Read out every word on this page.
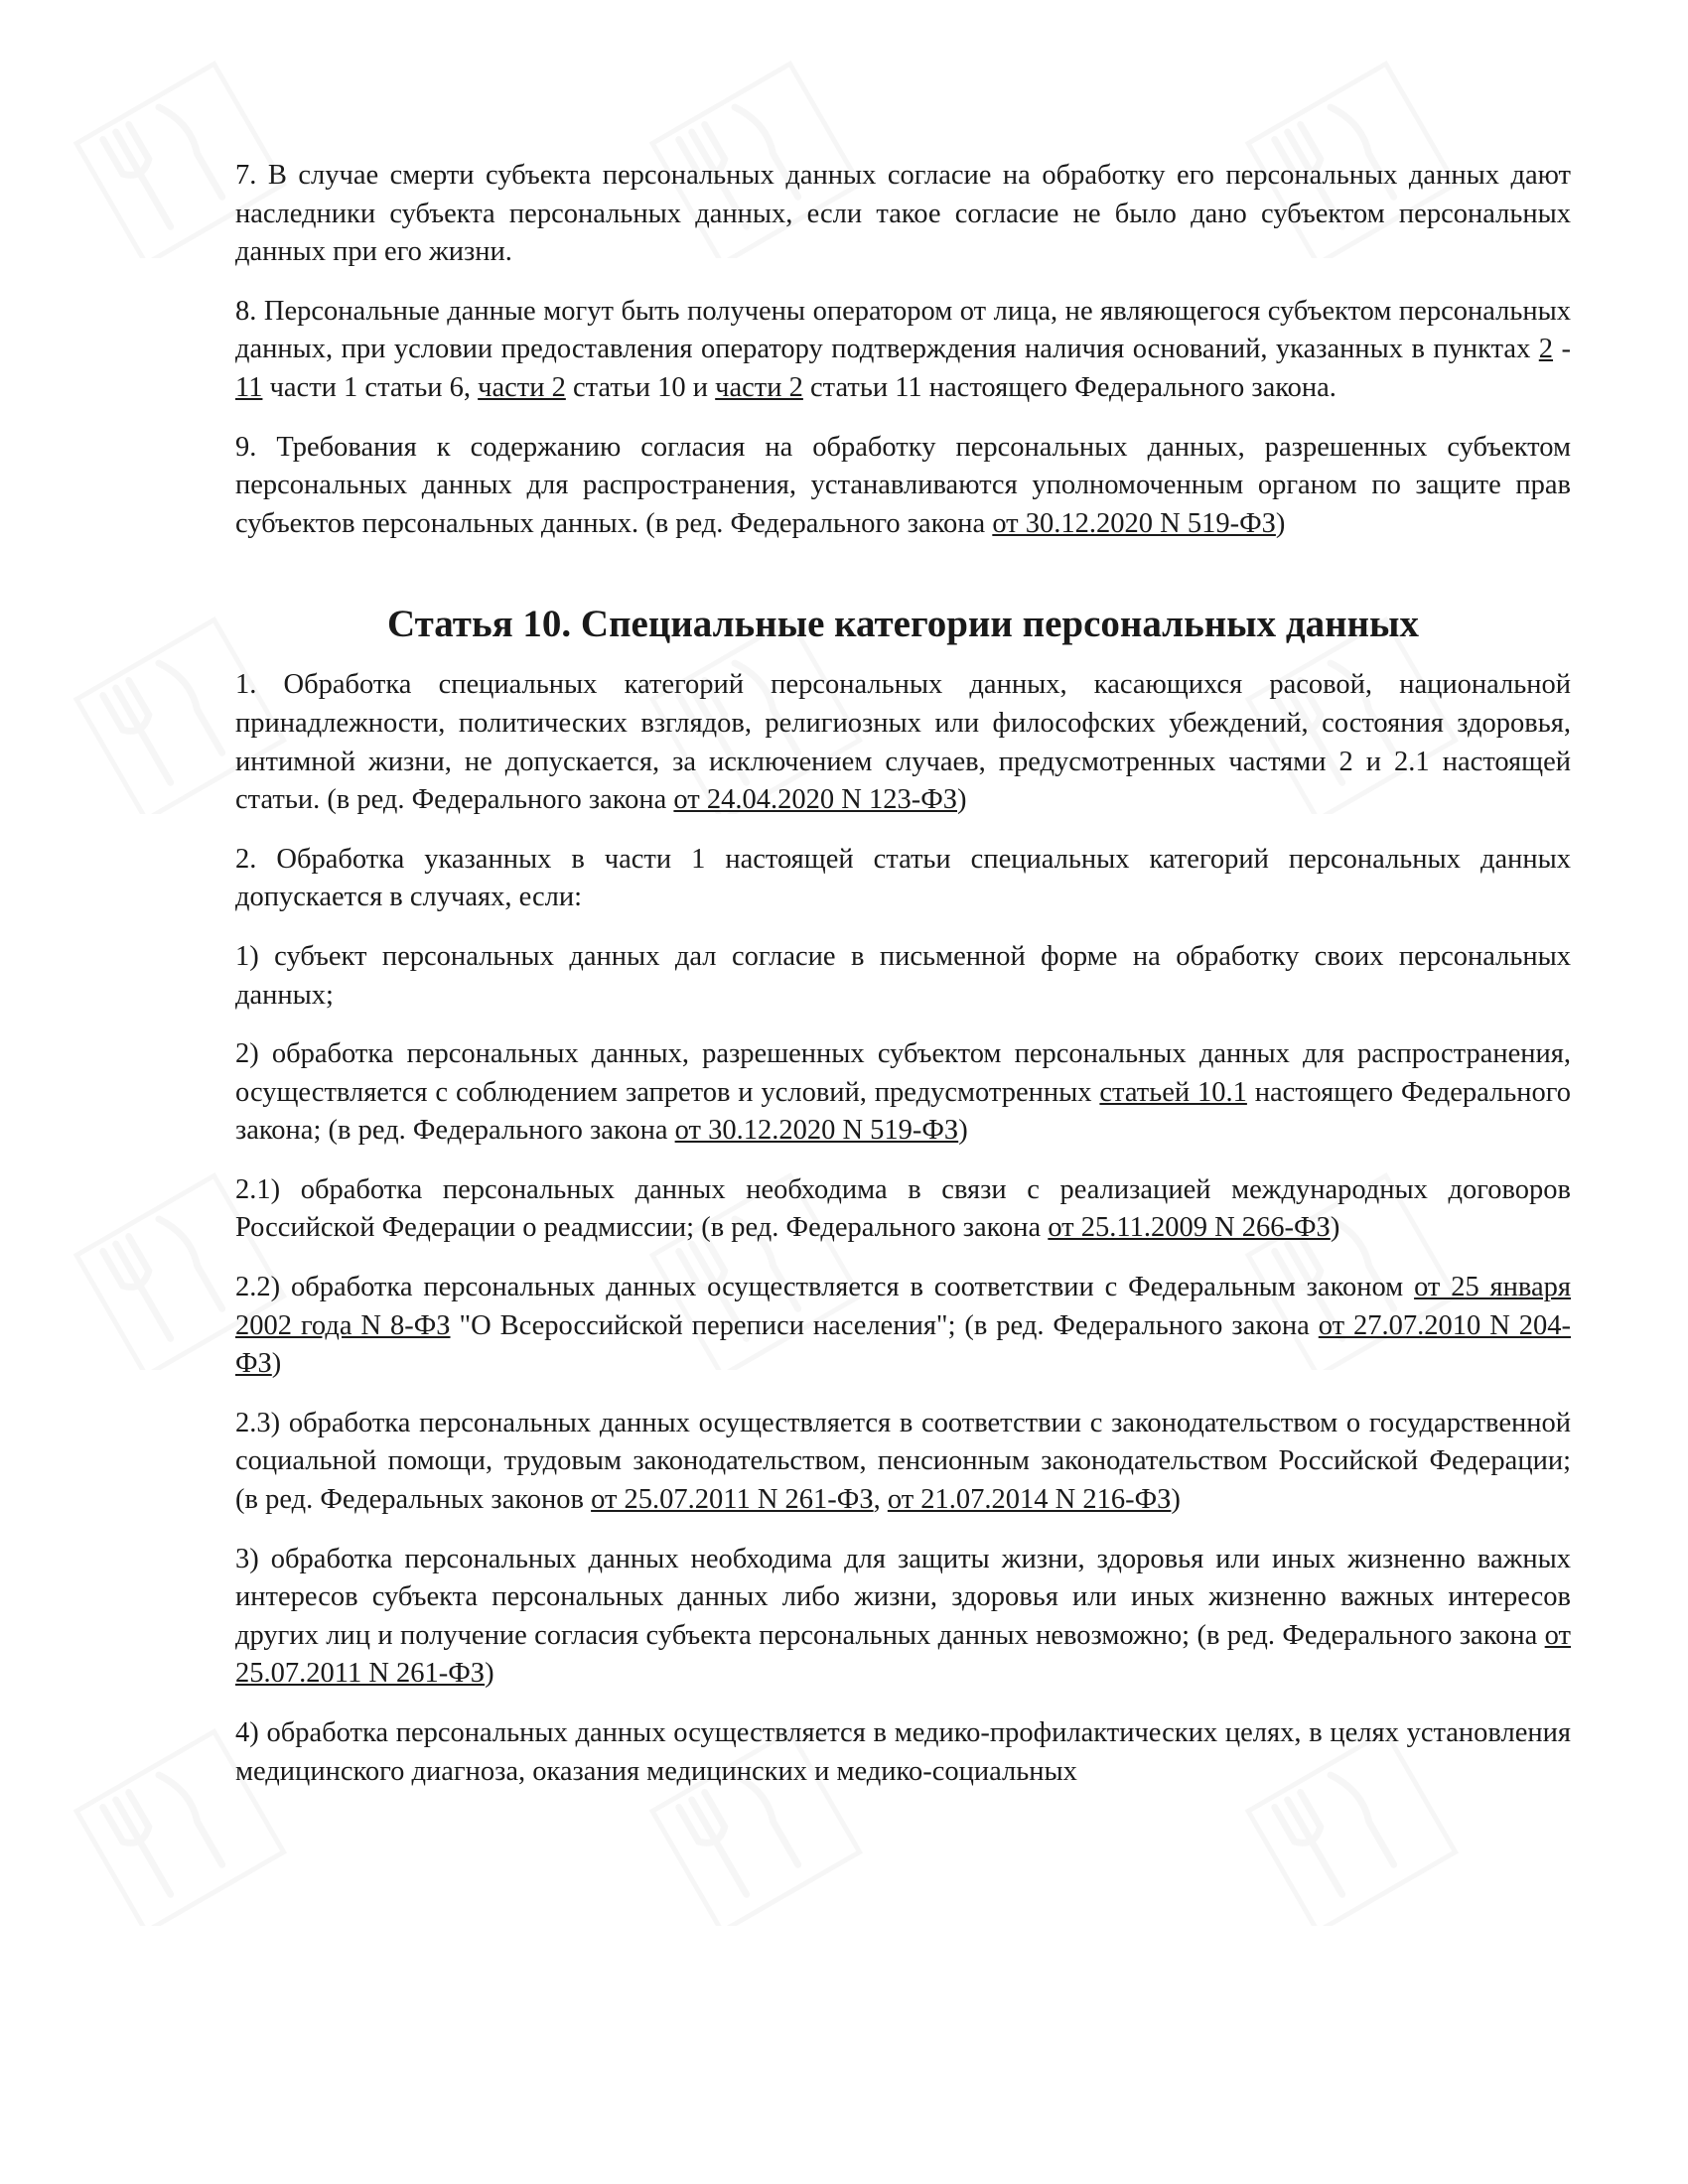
7. В случае смерти субъекта персональных данных согласие на обработку его персональных данных дают наследники субъекта персональных данных, если такое согласие не было дано субъектом персональных данных при его жизни.

8. Персональные данные могут быть получены оператором от лица, не являющегося субъектом персональных данных, при условии предоставления оператору подтверждения наличия оснований, указанных в пунктах 2 - 11 части 1 статьи 6, части 2 статьи 10 и части 2 статьи 11 настоящего Федерального закона.

9. Требования к содержанию согласия на обработку персональных данных, разрешенных субъектом персональных данных для распространения, устанавливаются уполномоченным органом по защите прав субъектов персональных данных. (в ред. Федерального закона от 30.12.2020 N 519-ФЗ)

Статья 10. Специальные категории персональных данных

1. Обработка специальных категорий персональных данных, касающихся расовой, национальной принадлежности, политических взглядов, религиозных или философских убеждений, состояния здоровья, интимной жизни, не допускается, за исключением случаев, предусмотренных частями 2 и 2.1 настоящей статьи. (в ред. Федерального закона от 24.04.2020 N 123-ФЗ)

2. Обработка указанных в части 1 настоящей статьи специальных категорий персональных данных допускается в случаях, если:

1) субъект персональных данных дал согласие в письменной форме на обработку своих персональных данных;

2) обработка персональных данных, разрешенных субъектом персональных данных для распространения, осуществляется с соблюдением запретов и условий, предусмотренных статьей 10.1 настоящего Федерального закона; (в ред. Федерального закона от 30.12.2020 N 519-ФЗ)

2.1) обработка персональных данных необходима в связи с реализацией международных договоров Российской Федерации о реадмиссии; (в ред. Федерального закона от 25.11.2009 N 266-ФЗ)

2.2) обработка персональных данных осуществляется в соответствии с Федеральным законом от 25 января 2002 года N 8-ФЗ "О Всероссийской переписи населения"; (в ред. Федерального закона от 27.07.2010 N 204-ФЗ)

2.3) обработка персональных данных осуществляется в соответствии с законодательством о государственной социальной помощи, трудовым законодательством, пенсионным законодательством Российской Федерации; (в ред. Федеральных законов от 25.07.2011 N 261-ФЗ, от 21.07.2014 N 216-ФЗ)

3) обработка персональных данных необходима для защиты жизни, здоровья или иных жизненно важных интересов субъекта персональных данных либо жизни, здоровья или иных жизненно важных интересов других лиц и получение согласия субъекта персональных данных невозможно; (в ред. Федерального закона от 25.07.2011 N 261-ФЗ)

4) обработка персональных данных осуществляется в медико-профилактических целях, в целях установления медицинского диагноза, оказания медицинских и медико-социальных
